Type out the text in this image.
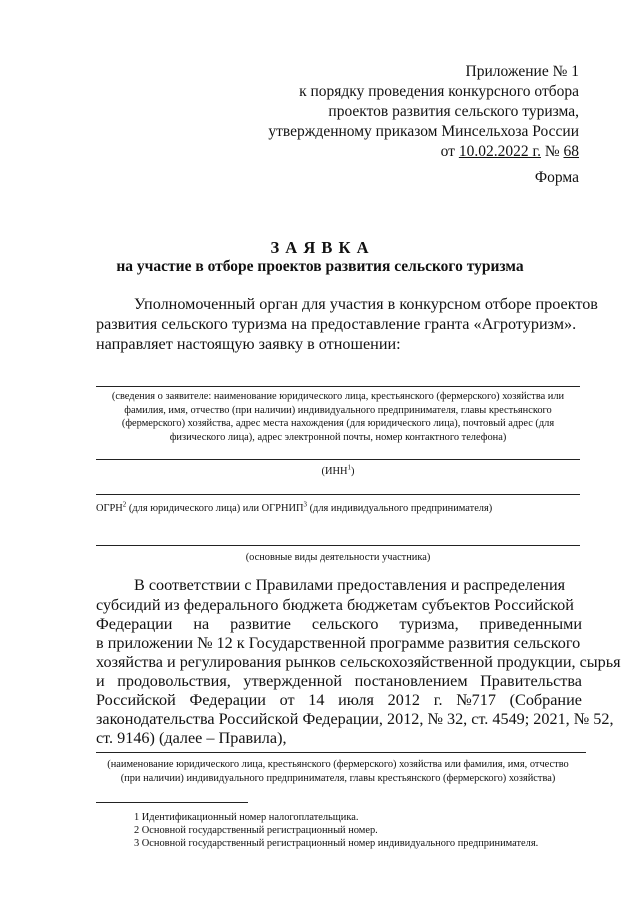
Приложение № 1
к порядку проведения конкурсного отбора
проектов развития сельского туризма,
утвержденному приказом Минсельхоза России
от 10.02.2022 г. № 68
Форма
З А Я В К А
на участие в отборе проектов развития сельского туризма
Уполномоченный орган для участия в конкурсном отборе проектов
развития сельского туризма на предоставление гранта «Агротуризм».
направляет настоящую заявку в отношении:
(сведения о заявителе: наименование юридического лица, крестьянского (фермерского) хозяйства или
фамилия, имя, отчество (при наличии) индивидуального предпринимателя, главы крестьянского
(фермерского) хозяйства, адрес места нахождения (для юридического лица), почтовый адрес (для
физического лица), адрес электронной почты, номер контактного телефона)
(ИНН$^1$)
ОГРН$^2$ (для юридического лица) или ОГРНИП$^3$ (для индивидуального предпринимателя)
(основные виды деятельности участника)
В соответствии с Правилами предоставления и распределения
субсидий из федерального бюджета бюджетам субъектов Российской
Федерации на развитие сельского туризма, приведенными
в приложении № 12 к Государственной программе развития сельского
хозяйства и регулирования рынков сельскохозяйственной продукции, сырья
и продовольствия, утвержденной постановлением Правительства
Российской Федерации от 14 июля 2012 г. №717 (Собрание
законодательства Российской Федерации, 2012, № 32, ст. 4549; 2021, № 52,
ст. 9146) (далее – Правила),
(наименование юридического лица, крестьянского (фермерского) хозяйства или фамилия, имя, отчество
(при наличии) индивидуального предпринимателя, главы крестьянского (фермерского) хозяйства)
1 Идентификационный номер налогоплательщика.
2 Основной государственный регистрационный номер.
3 Основной государственный регистрационный номер индивидуального предпринимателя.
